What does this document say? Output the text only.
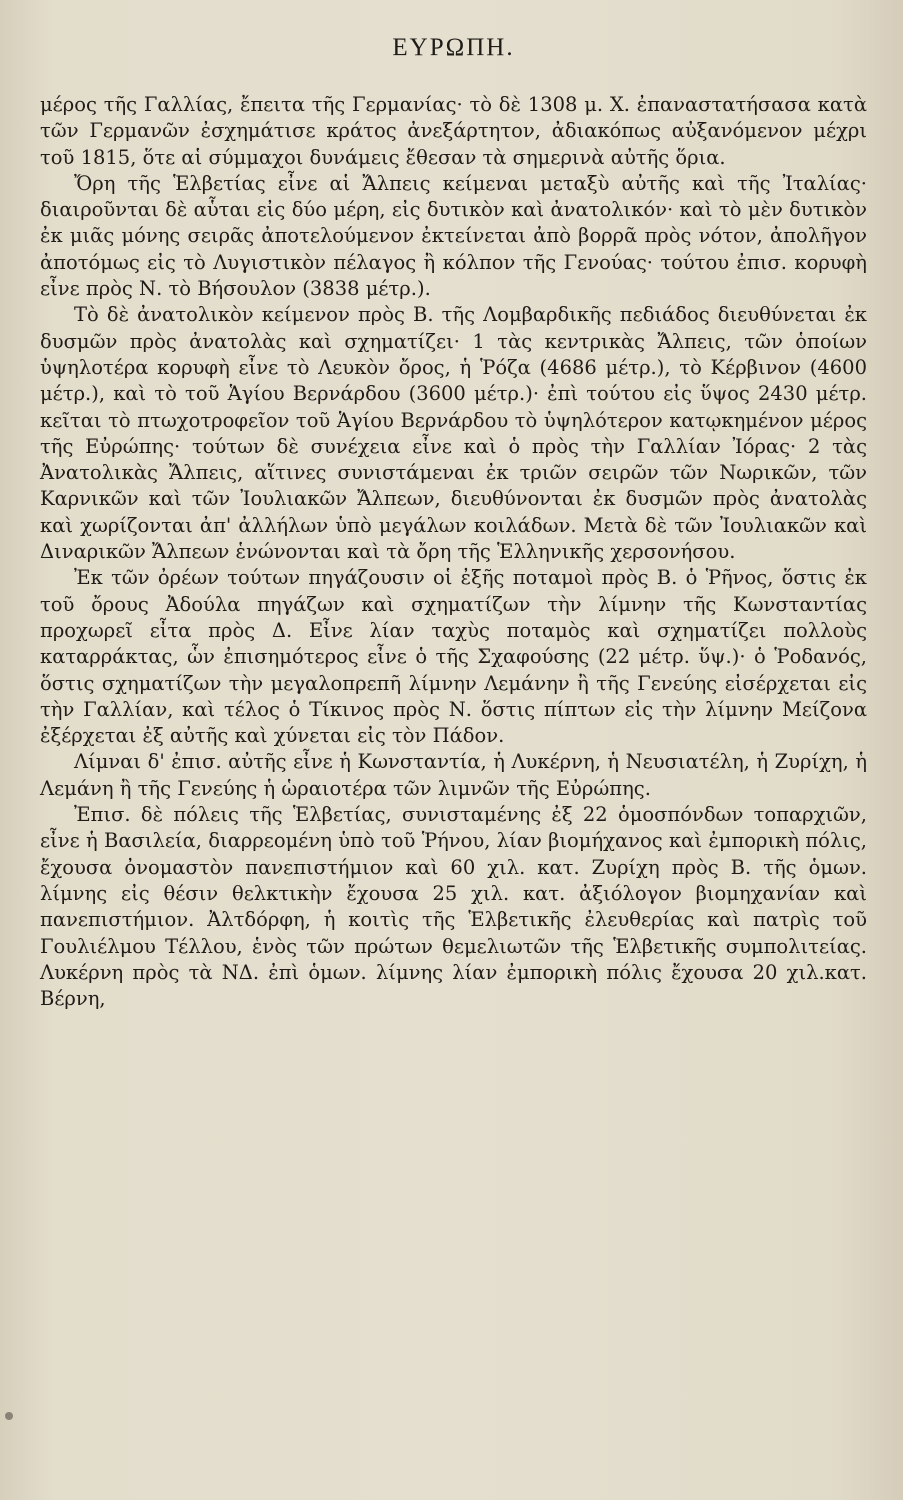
ΕΥΡΩΠΗ.

μέρος τῆς Γαλλίας, ἔπειτα τῆς Γερμανίας· τὸ δὲ 1308 μ. Χ. ἐπαναστατήσασα κατὰ τῶν Γερμανῶν ἐσχημάτισε κράτος ἀνεξάρτητον, ἀδιακόπως αὐξανόμενον μέχρι τοῦ 1815, ὅτε αἱ σύμμαχοι δυνάμεις ἔθεσαν τὰ σημερινὰ αὐτῆς ὅρια.

Ὄρη τῆς Ἑλβετίας εἶνε αἱ Ἄλπεις κείμεναι μεταξὺ αὐτῆς καὶ τῆς Ἰταλίας· διαιροῦνται δὲ αὗται εἰς δύο μέρη, εἰς δυτικὸν καὶ ἀνατολικόν· καὶ τὸ μὲν δυτικὸν ἐκ μιᾶς μόνης σειρᾶς ἀποτελούμενον ἐκτείνεται ἀπὸ βορρᾶ πρὸς νότον, ἀπολῆγον ἀποτόμως εἰς τὸ Λυγιστικὸν πέλαγος ἢ κόλπον τῆς Γενούας· τούτου ἐπισ. κορυφὴ εἶνε πρὸς Ν. τὸ Βήσουλον (3838 μέτρ.).

Τὸ δὲ ἀνατολικὸν κείμενον πρὸς Β. τῆς Λομβαρδικῆς πεδιάδος διευθύνεται ἐκ δυσμῶν πρὸς ἀνατολὰς καὶ σχηματίζει· 1 τὰς κεντρικὰς Ἄλπεις, τῶν ὁποίων ὑψηλοτέρα κορυφὴ εἶνε τὸ Λευκὸν ὄρος, ἡ Ῥόζα (4686 μέτρ.), τὸ Κέρβινον (4600 μέτρ.), καὶ τὸ τοῦ Ἁγίου Βερνάρδου (3600 μέτρ.)· ἐπὶ τούτου εἰς ὕψος 2430 μέτρ. κεῖται τὸ πτωχοτροφεῖον τοῦ Ἁγίου Βερνάρδου τὸ ὑψηλότερον κατῳκημένον μέρος τῆς Εὐρώπης· τούτων δὲ συνέχεια εἶνε καὶ ὁ πρὸς τὴν Γαλλίαν Ἰόρας· 2 τὰς Ἀνατολικὰς Ἄλπεις, αἵτινες συνιστάμεναι ἐκ τριῶν σειρῶν τῶν Νωρικῶν, τῶν Καρνικῶν καὶ τῶν Ἰουλιακῶν Ἄλπεων, διευθύνονται ἐκ δυσμῶν πρὸς ἀνατολὰς καὶ χωρίζονται ἀπ' ἀλλήλων ὑπὸ μεγάλων κοιλάδων. Μετὰ δὲ τῶν Ἰουλιακῶν καὶ Διναρικῶν Ἄλπεων ἑνώνονται καὶ τὰ ὄρη τῆς Ἑλληνικῆς χερσονήσου.

Ἐκ τῶν ὀρέων τούτων πηγάζουσιν οἱ ἐξῆς ποταμοὶ πρὸς Β. ὁ Ῥῆνος, ὅστις ἐκ τοῦ ὄρους Ἀδούλα πηγάζων καὶ σχηματίζων τὴν λίμνην τῆς Κωνσταντίας προχωρεῖ εἶτα πρὸς Δ. Εἶνε λίαν ταχὺς ποταμὸς καὶ σχηματίζει πολλοὺς καταρράκτας, ὧν ἐπισημότερος εἶνε ὁ τῆς Σχαφούσης (22 μέτρ. ὕψ.)· ὁ Ῥοδανός, ὅστις σχηματίζων τὴν μεγαλοπρεπῆ λίμνην Λεμάνην ἢ τῆς Γενεύης εἰσέρχεται εἰς τὴν Γαλλίαν, καὶ τέλος ὁ Τίκινος πρὸς Ν. ὅστις πίπτων εἰς τὴν λίμνην Μείζονα ἐξέρχεται ἐξ αὐτῆς καὶ χύνεται εἰς τὸν Πάδον.

Λίμναι δ' ἐπισ. αὐτῆς εἶνε ἡ Κωνσταντία, ἡ Λυκέρνη, ἡ Νευσιατέλη, ἡ Ζυρίχη, ἡ Λεμάνη ἢ τῆς Γενεύης ἡ ὡραιοτέρα τῶν λιμνῶν τῆς Εὐρώπης.

Ἐπισ. δὲ πόλεις τῆς Ἑλβετίας, συνισταμένης ἐξ 22 ὁμοσπόνδων τοπαρχιῶν, εἶνε ἡ Βασιλεία, διαρρεομένη ὑπὸ τοῦ Ῥήνου, λίαν βιομήχανος καὶ ἐμπορικὴ πόλις, ἔχουσα ὀνομαστὸν πανεπιστήμιον καὶ 60 χιλ. κατ. Ζυρίχη πρὸς Β. τῆς ὁμων. λίμνης εἰς θέσιν θελκτικὴν ἔχουσα 25 χιλ. κατ. ἀξιόλογον βιομηχανίαν καὶ πανεπιστήμιον. Ἀλτδόρφη, ἡ κοιτὶς τῆς Ἑλβετικῆς ἐλευθερίας καὶ πατρὶς τοῦ Γουλιέλμου Τέλλου, ἑνὸς τῶν πρώτων θεμελιωτῶν τῆς Ἑλβετικῆς συμπολιτείας. Λυκέρνη πρὸς τὰ ΝΔ. ἐπὶ ὁμων. λίμνης λίαν ἐμπορικὴ πόλις ἔχουσα 20 χιλ.κατ. Βέρνη,
